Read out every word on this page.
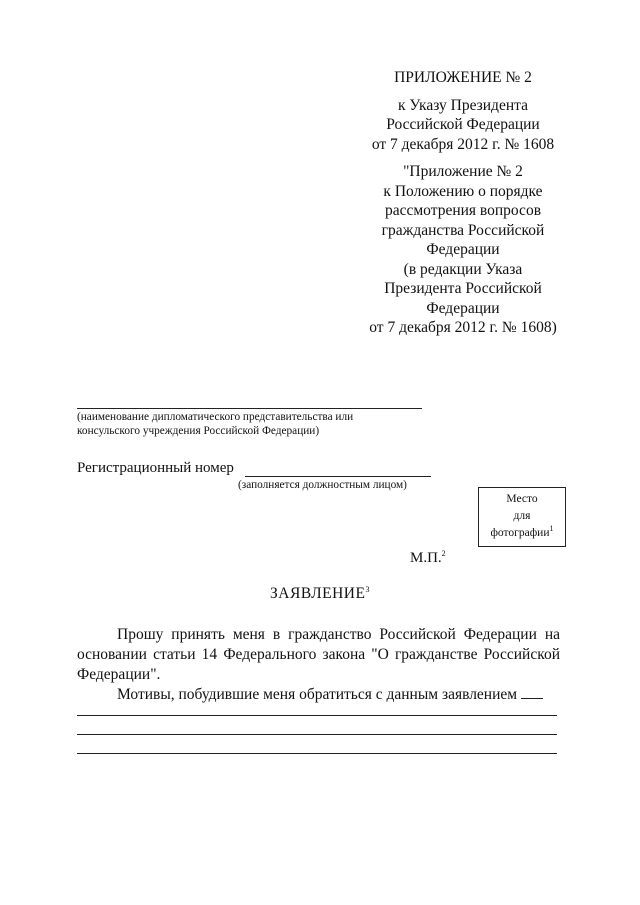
ПРИЛОЖЕНИЕ № 2
к Указу Президента
Российской Федерации
от 7 декабря 2012 г. № 1608
"Приложение № 2
к Положению о порядке
рассмотрения вопросов
гражданства Российской
Федерации
(в редакции Указа
Президента Российской
Федерации
от 7 декабря 2012 г. № 1608)
(наименование дипломатического представительства или
консульского учреждения Российской Федерации)
Регистрационный номер
(заполняется должностным лицом)
Место
для
фотографии$^1$
М.П.$^2$
ЗАЯВЛЕНИЕ$^3$

Прошу принять меня в гражданство Российской Федерации на основании статьи 14 Федерального закона "О гражданстве Российской Федерации".

Мотивы, побудившие меня обратиться с данным заявлением
